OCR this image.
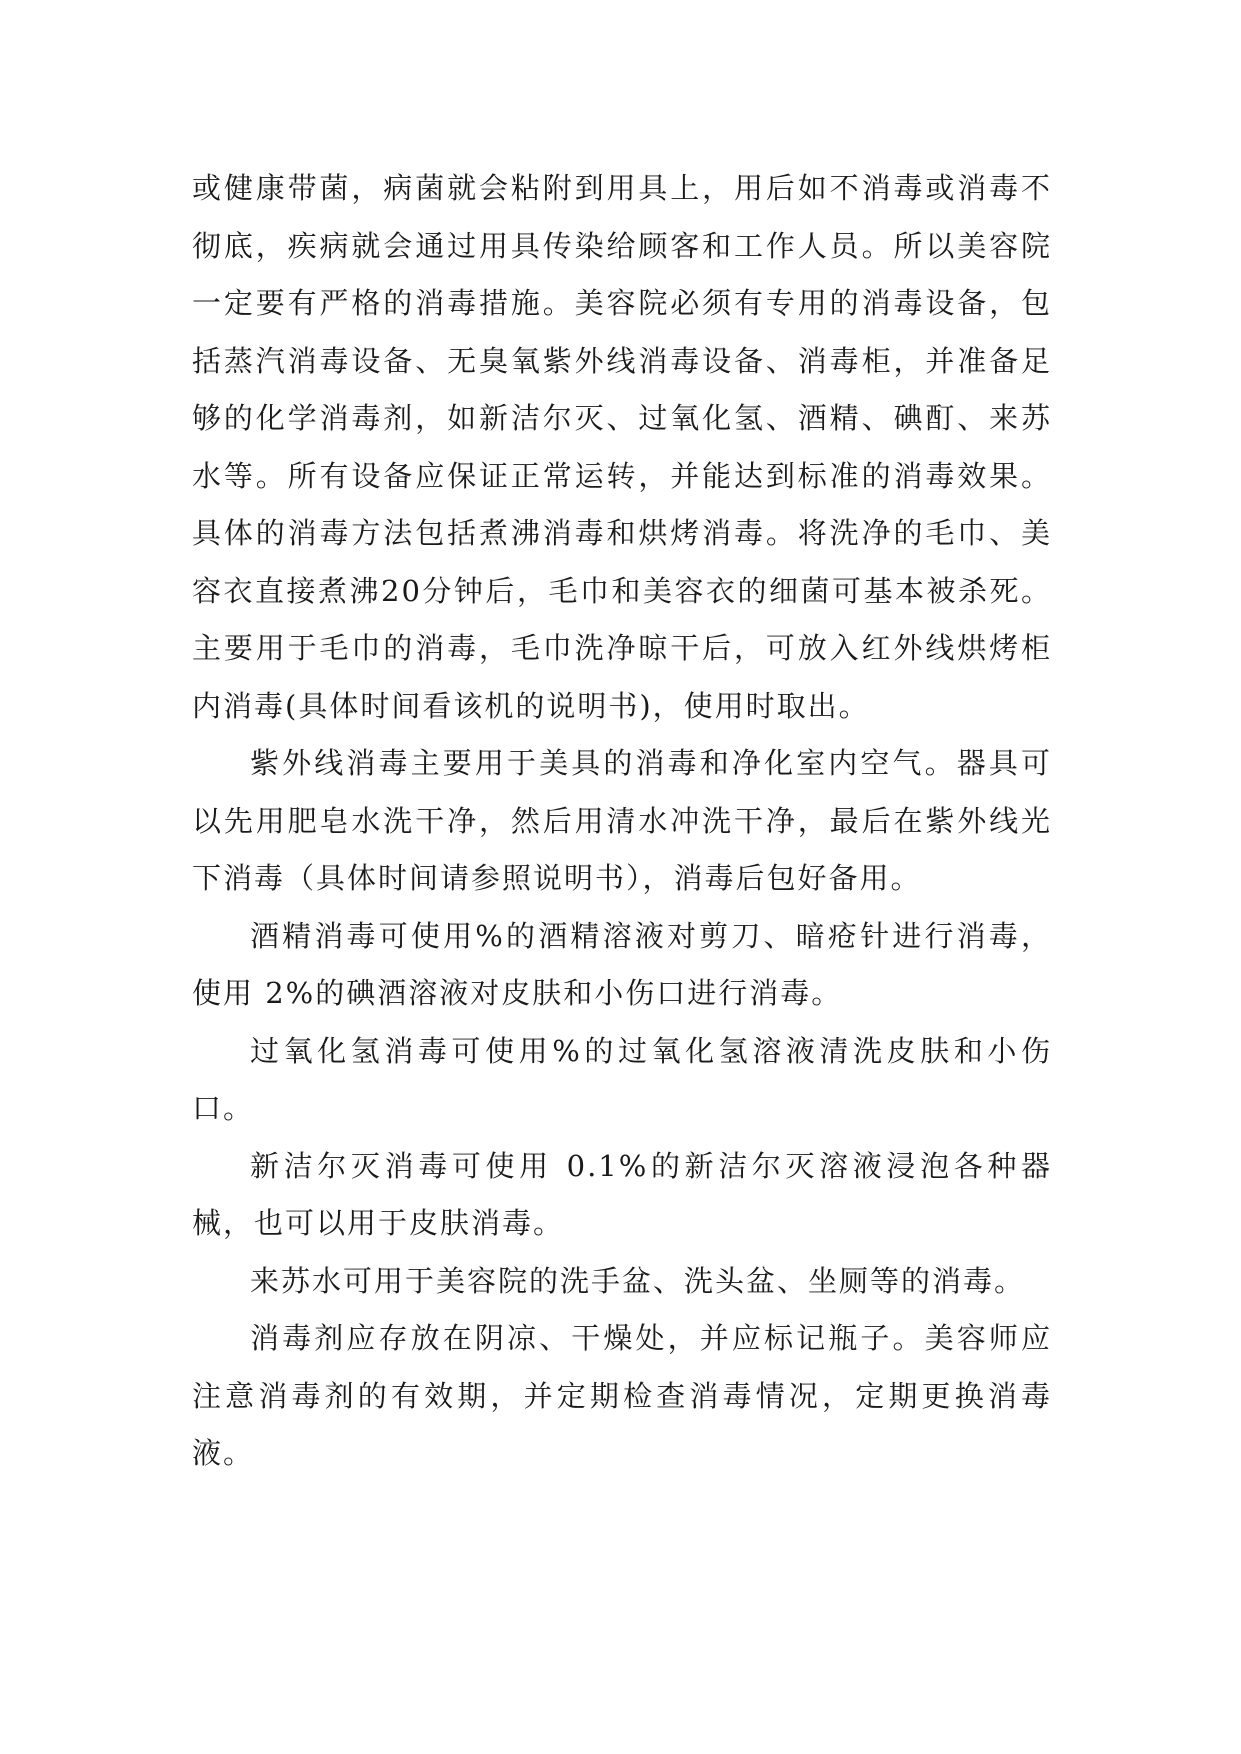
或健康带菌，病菌就会粘附到用具上，用后如不消毒或消毒不彻底，疾病就会通过用具传染给顾客和工作人员。所以美容院一定要有严格的消毒措施。美容院必须有专用的消毒设备，包括蒸汽消毒设备、无臭氧紫外线消毒设备、消毒柜，并准备足够的化学消毒剂，如新洁尔灭、过氧化氢、酒精、碘酊、来苏水等。所有设备应保证正常运转，并能达到标准的消毒效果。具体的消毒方法包括煮沸消毒和烘烤消毒。将洗净的毛巾、美容衣直接煮沸20分钟后，毛巾和美容衣的细菌可基本被杀死。主要用于毛巾的消毒，毛巾洗净晾干后，可放入红外线烘烤柜内消毒(具体时间看该机的说明书)，使用时取出。

紫外线消毒主要用于美具的消毒和净化室内空气。器具可以先用肥皂水洗干净，然后用清水冲洗干净，最后在紫外线光下消毒（具体时间请参照说明书），消毒后包好备用。

酒精消毒可使用%的酒精溶液对剪刀、暗疮针进行消毒，使用 2%的碘酒溶液对皮肤和小伤口进行消毒。

过氧化氢消毒可使用%的过氧化氢溶液清洗皮肤和小伤口。

新洁尔灭消毒可使用 0.1%的新洁尔灭溶液浸泡各种器械，也可以用于皮肤消毒。

来苏水可用于美容院的洗手盆、洗头盆、坐厕等的消毒。

消毒剂应存放在阴凉、干燥处，并应标记瓶子。美容师应注意消毒剂的有效期，并定期检查消毒情况，定期更换消毒液。
